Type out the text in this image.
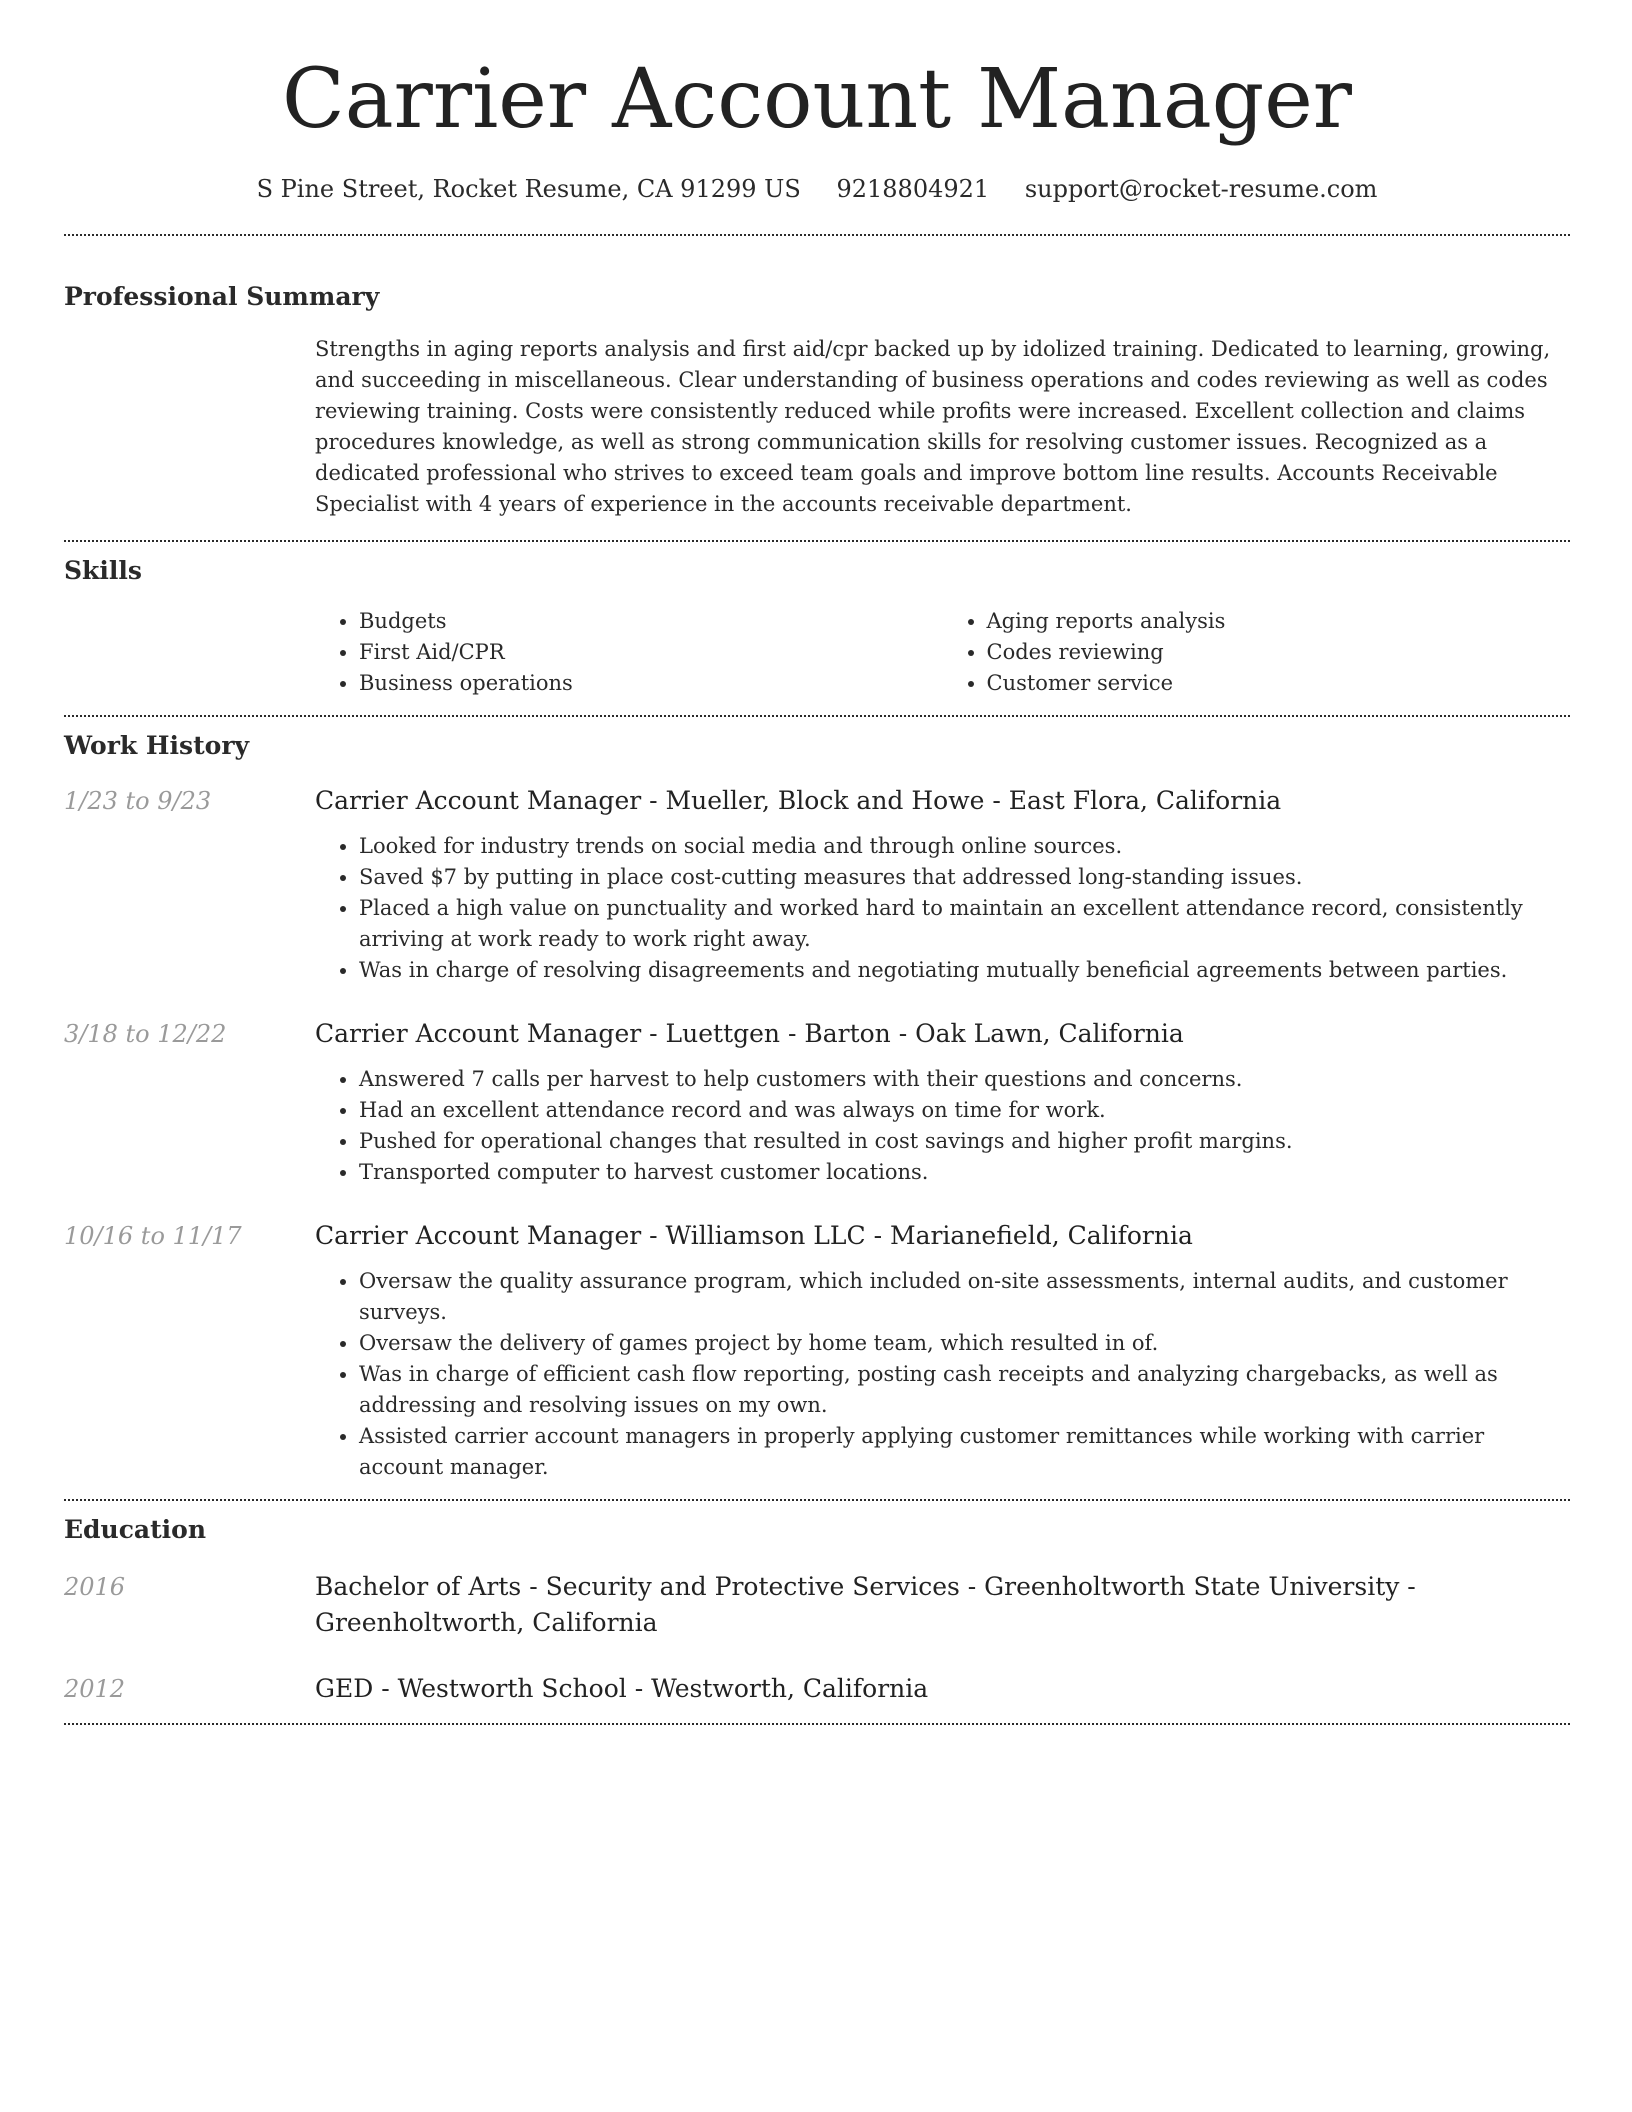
Carrier Account Manager
S Pine Street, Rocket Resume, CA 91299 US 9218804921 support@rocket-resume.com
Professional Summary

Strengths in aging reports analysis and first aid/cpr backed up by idolized training. Dedicated to learning, growing, and succeeding in miscellaneous. Clear understanding of business operations and codes reviewing as well as codes reviewing training. Costs were consistently reduced while profits were increased. Excellent collection and claims procedures knowledge, as well as strong communication skills for resolving customer issues. Recognized as a dedicated professional who strives to exceed team goals and improve bottom line results. Accounts Receivable Specialist with 4 years of experience in the accounts receivable department.

Skills
• Budgets
• First Aid/CPR
• Business operations
• Aging reports analysis
• Codes reviewing
• Customer service
Work History
1/23 to 9/23	Carrier Account Manager - Mueller, Block and Howe - East Flora, California
• Looked for industry trends on social media and through online sources.
• Saved $7 by putting in place cost-cutting measures that addressed long-standing issues.
• Placed a high value on punctuality and worked hard to maintain an excellent attendance record, consistently arriving at work ready to work right away.
• Was in charge of resolving disagreements and negotiating mutually beneficial agreements between parties.
3/18 to 12/22	Carrier Account Manager - Luettgen - Barton - Oak Lawn, California
• Answered 7 calls per harvest to help customers with their questions and concerns.
• Had an excellent attendance record and was always on time for work.
• Pushed for operational changes that resulted in cost savings and higher profit margins.
• Transported computer to harvest customer locations.
10/16 to 11/17	Carrier Account Manager - Williamson LLC - Marianefield, California
• Oversaw the quality assurance program, which included on-site assessments, internal audits, and customer surveys.
• Oversaw the delivery of games project by home team, which resulted in of.
• Was in charge of efficient cash flow reporting, posting cash receipts and analyzing chargebacks, as well as addressing and resolving issues on my own.
• Assisted carrier account managers in properly applying customer remittances while working with carrier account manager.
Education
2016	Bachelor of Arts - Security and Protective Services - Greenholtworth State University - Greenholtworth, California
2012	GED - Westworth School - Westworth, California
